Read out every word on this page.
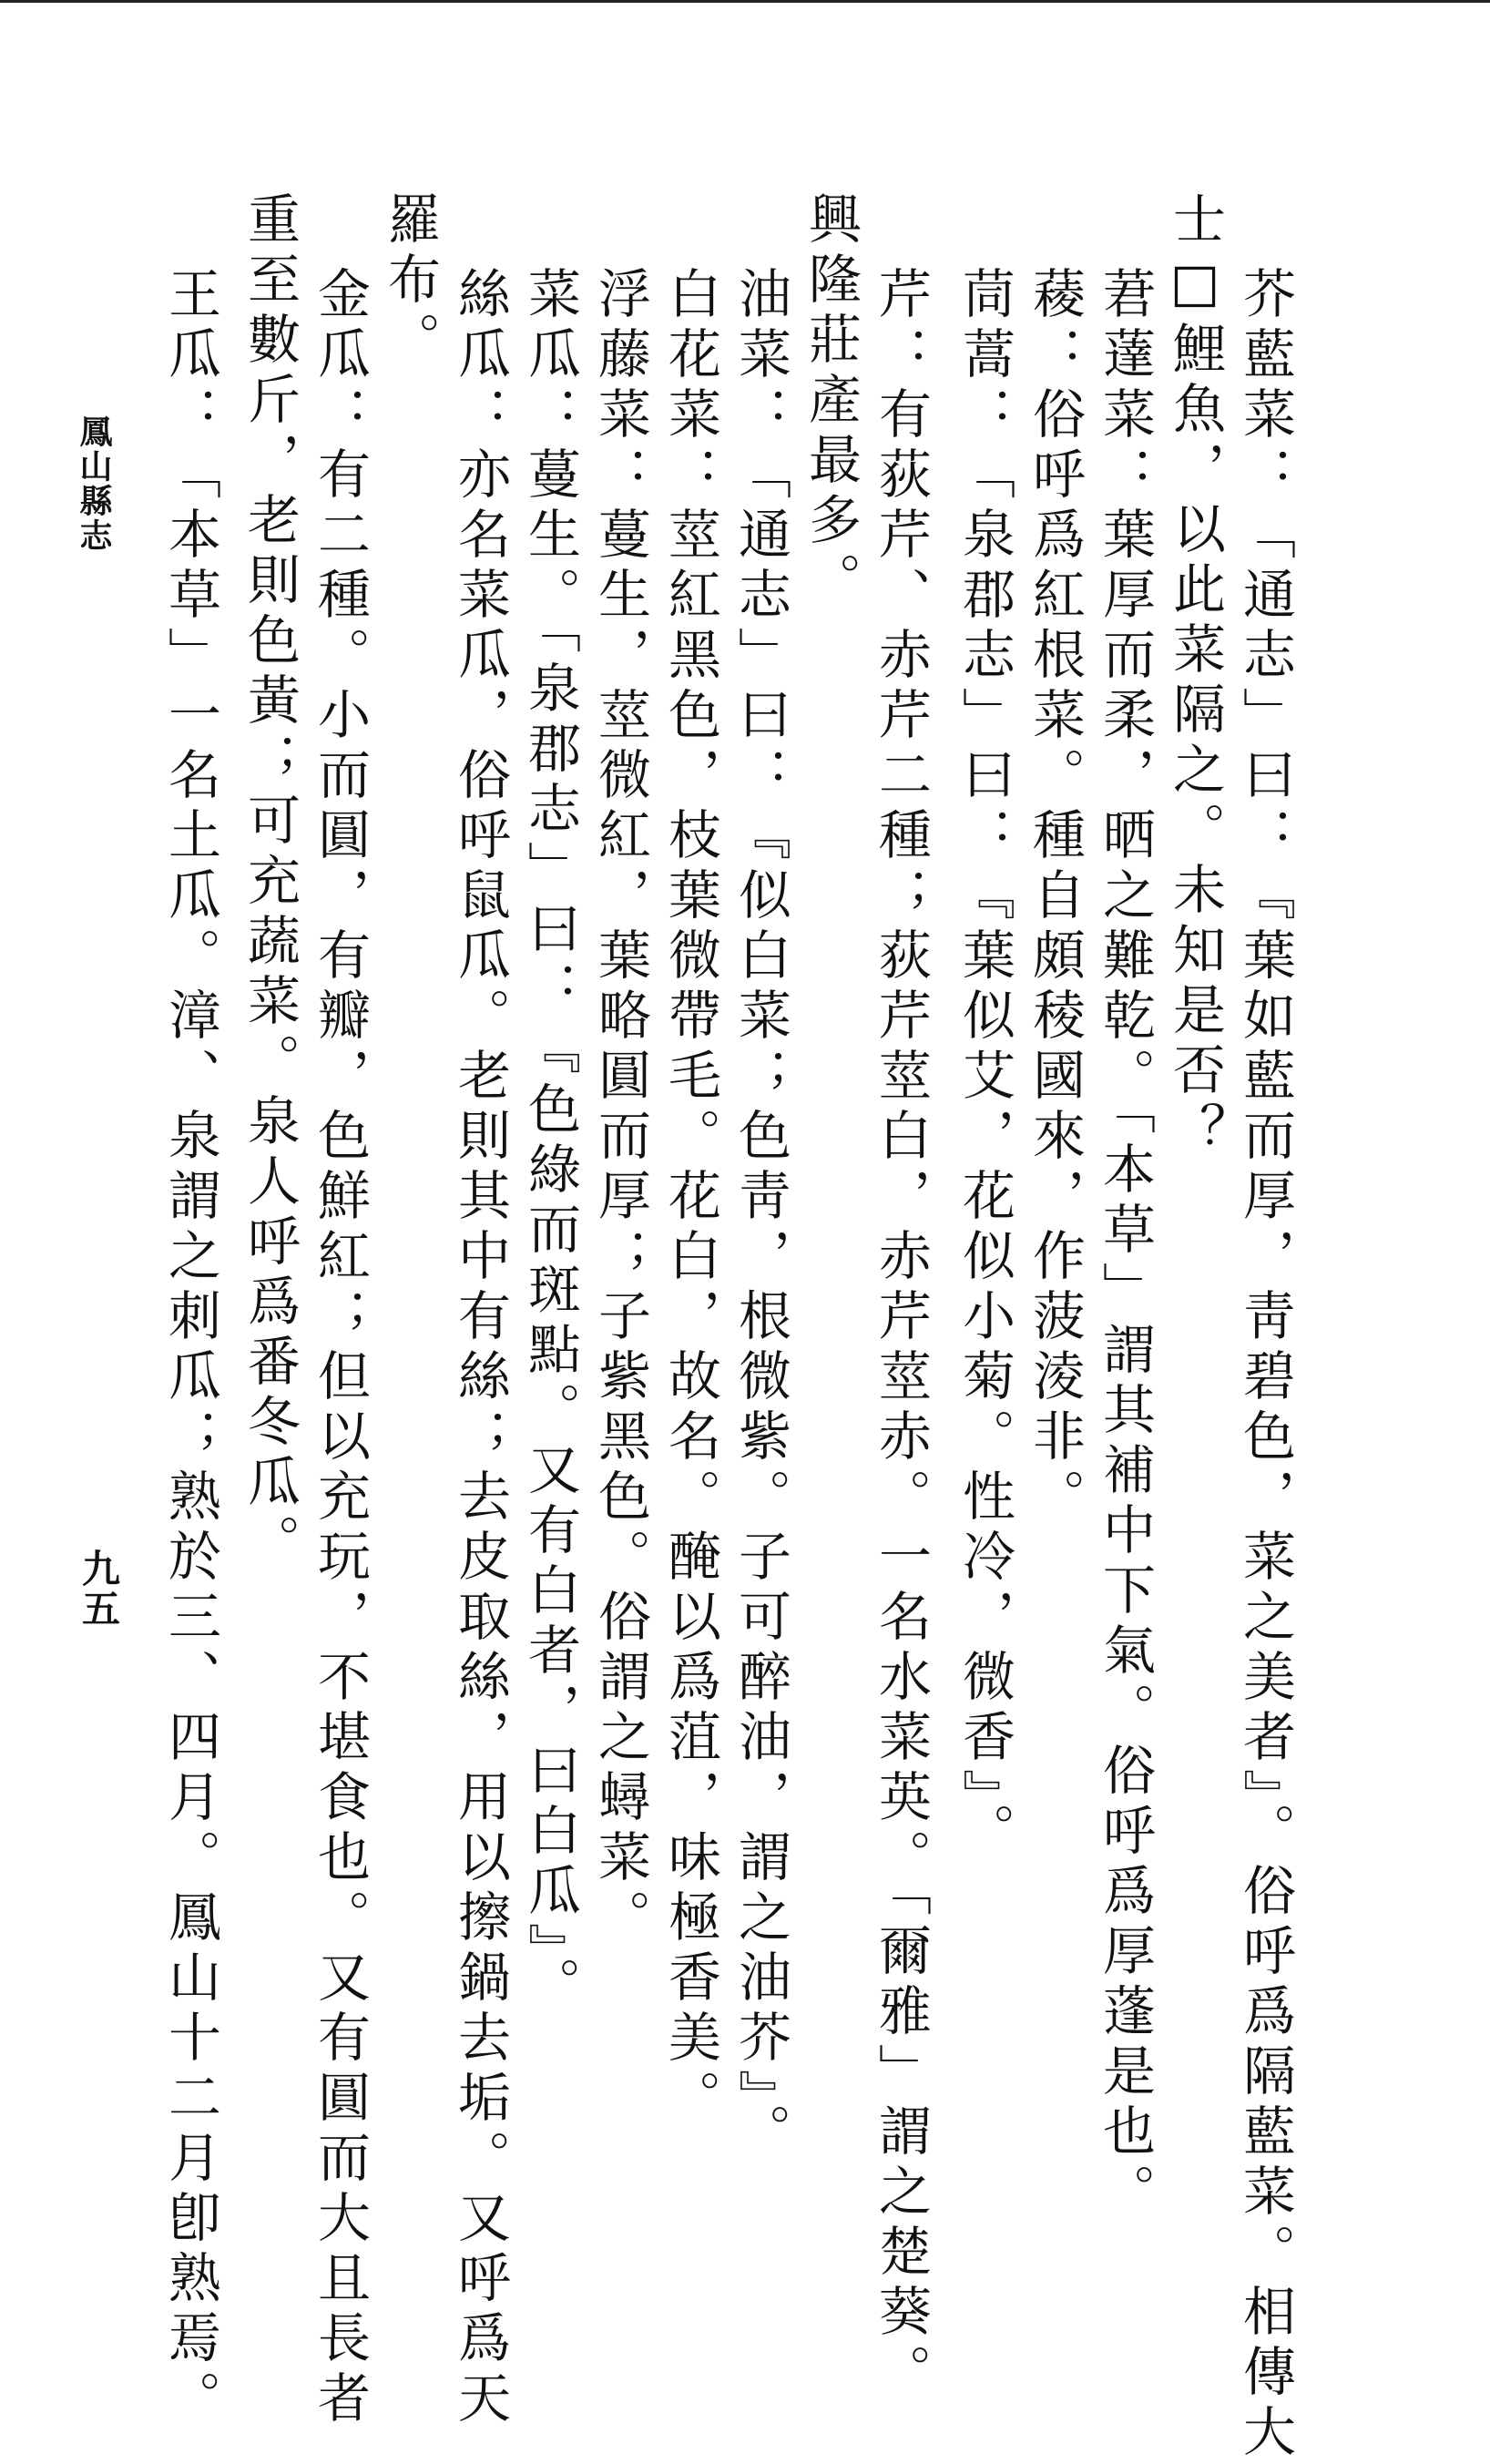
芥藍菜：「通志」曰：『葉如藍而厚，靑碧色，菜之美者』。俗呼爲隔藍菜。相傳大
士□鯉魚，以此菜隔之。未知是否？
莙薘菜：葉厚而柔，晒之難乾。「本草」謂其補中下氣。俗呼爲厚蓬是也。
薐：俗呼爲紅根菜。種自頗稜國來，作菠淩非。
茼蒿：「泉郡志」曰：『葉似艾，花似小菊。性冷，微香』。
芹：有荻芹、赤芹二種；荻芹莖白，赤芹莖赤。一名水菜英。「爾雅」謂之楚葵。
興隆莊產最多。
油菜：「通志」曰：『似白菜；色靑，根微紫。子可醉油，謂之油芥』。
白花菜：莖紅黑色，枝葉微帶毛。花白，故名。醃以爲菹，味極香美。
浮藤菜：蔓生，莖微紅，葉略圓而厚；子紫黑色。俗謂之蟳菜。
菜瓜：蔓生。「泉郡志」曰：『色綠而斑點。又有白者，曰白瓜』。
絲瓜：亦名菜瓜，俗呼鼠瓜。老則其中有絲；去皮取絲，用以擦鍋去垢。又呼爲天
羅布。
金瓜：有二種。小而圓，有瓣，色鮮紅；但以充玩，不堪食也。又有圓而大且長者
重至數斤，老則色黃；可充蔬菜。泉人呼爲番冬瓜。
王瓜：「本草」一名土瓜。漳、泉謂之刺瓜；熟於三、四月。鳳山十二月卽熟焉。
鳳山縣志
九五
